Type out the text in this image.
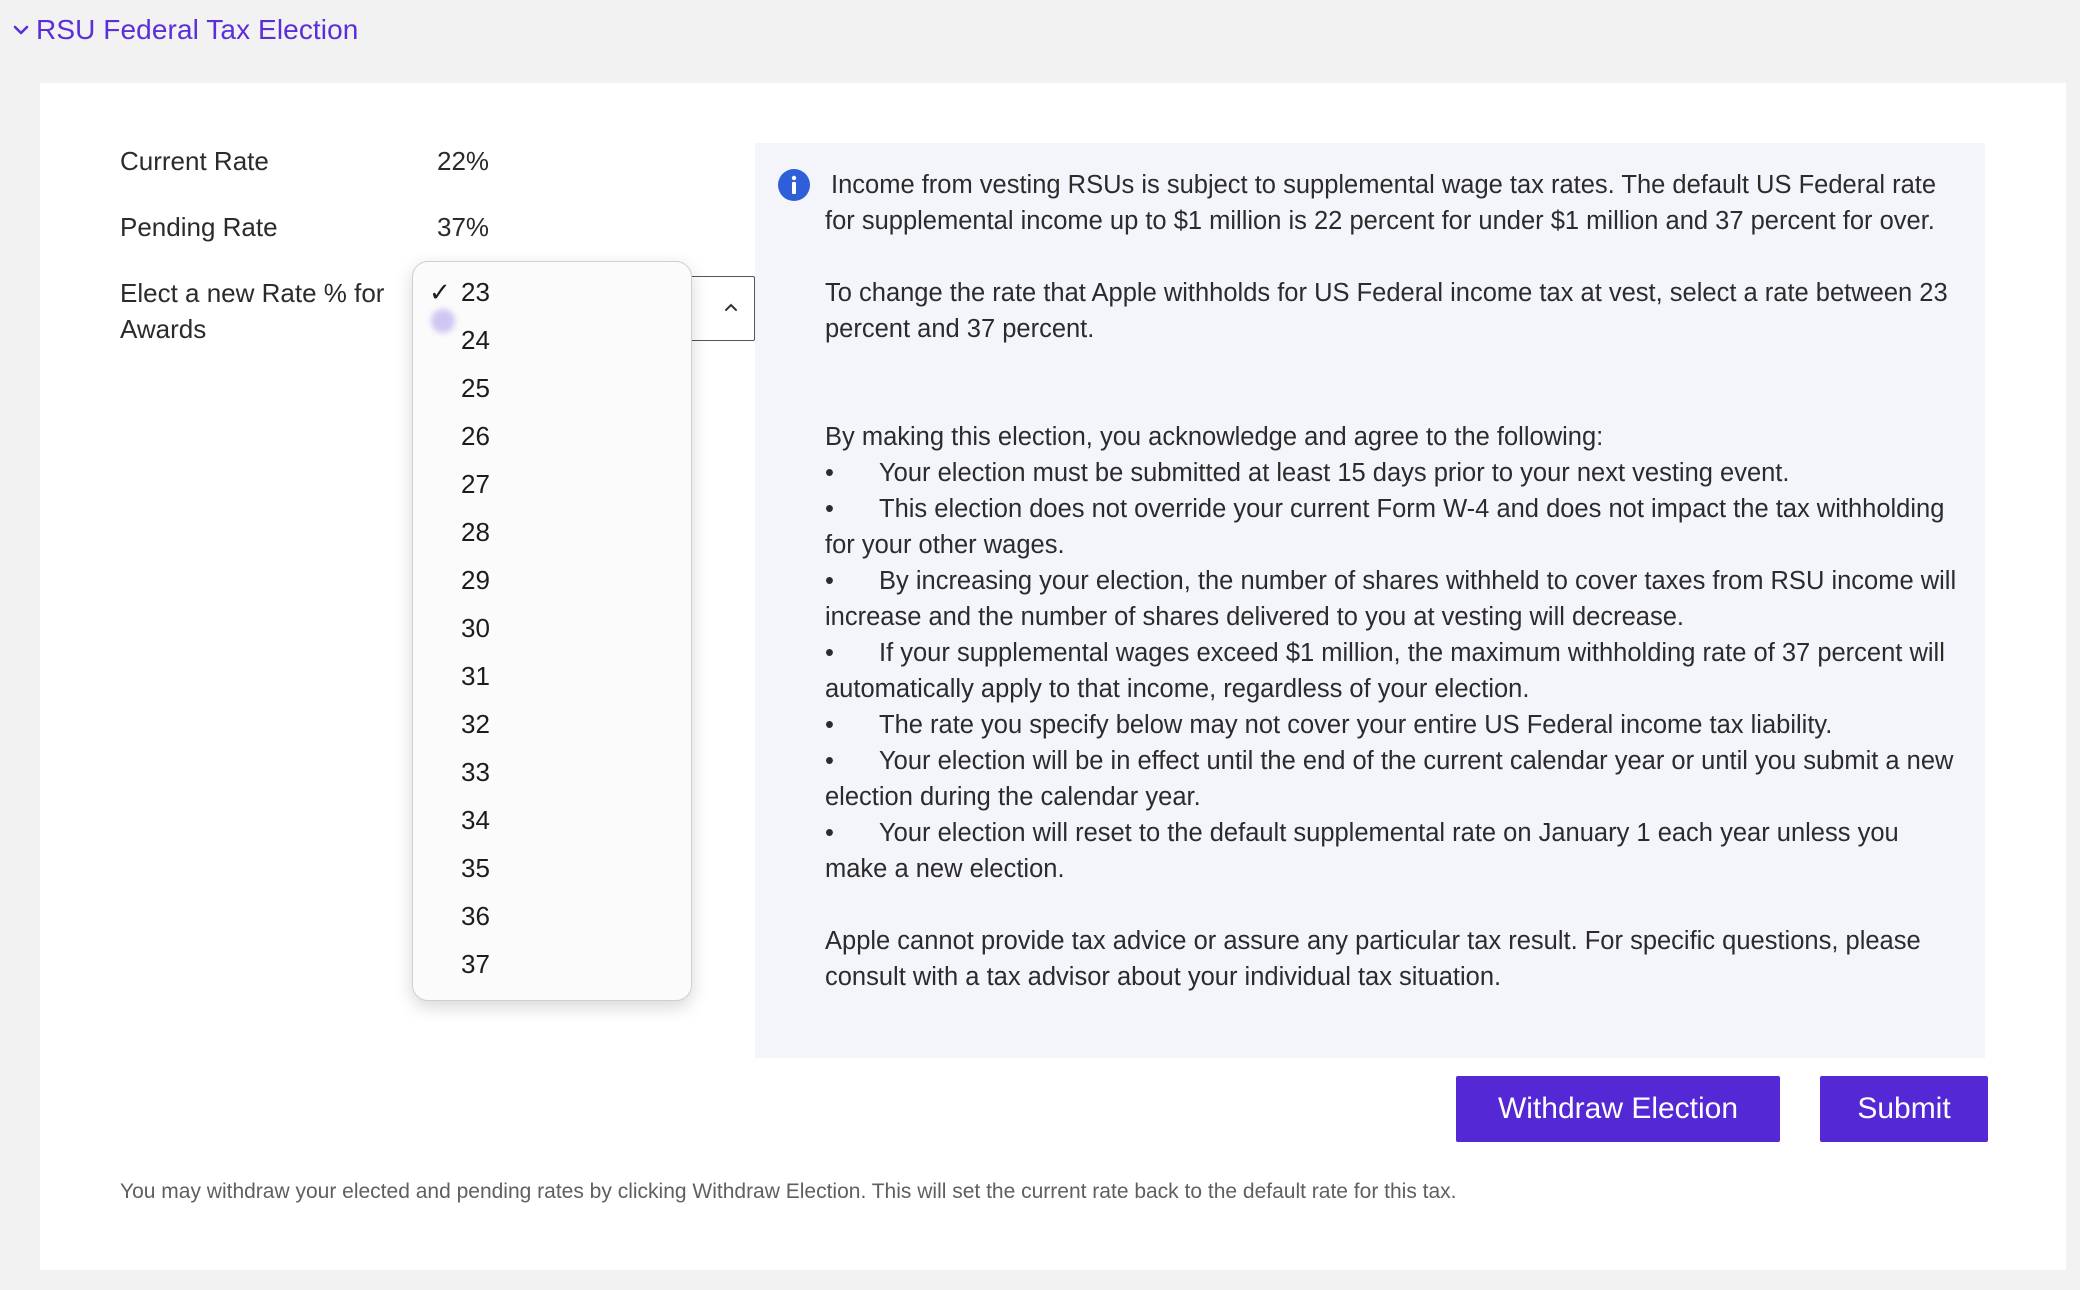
RSU Federal Tax Election
Current Rate	22%
Pending Rate	37%
Elect a new Rate % for
Awards
✓ 23
24
25
26
27
28
29
30
31
32
33
34
35
36
37

Income from vesting RSUs is subject to supplemental wage tax rates. The default US Federal rate for supplemental income up to $1 million is 22 percent for under $1 million and 37 percent for over.

To change the rate that Apple withholds for US Federal income tax at vest, select a rate between 23 percent and 37 percent.

By making this election, you acknowledge and agree to the following:

• Your election must be submitted at least 15 days prior to your next vesting event.

• This election does not override your current Form W-4 and does not impact the tax withholding for your other wages.

• By increasing your election, the number of shares withheld to cover taxes from RSU income will increase and the number of shares delivered to you at vesting will decrease.

• If your supplemental wages exceed $1 million, the maximum withholding rate of 37 percent will automatically apply to that income, regardless of your election.

• The rate you specify below may not cover your entire US Federal income tax liability.

• Your election will be in effect until the end of the current calendar year or until you submit a new election during the calendar year.

• Your election will reset to the default supplemental rate on January 1 each year unless you make a new election.

Apple cannot provide tax advice or assure any particular tax result. For specific questions, please consult with a tax advisor about your individual tax situation.

Withdraw Election	Submit
You may withdraw your elected and pending rates by clicking Withdraw Election. This will set the current rate back to the default rate for this tax.
